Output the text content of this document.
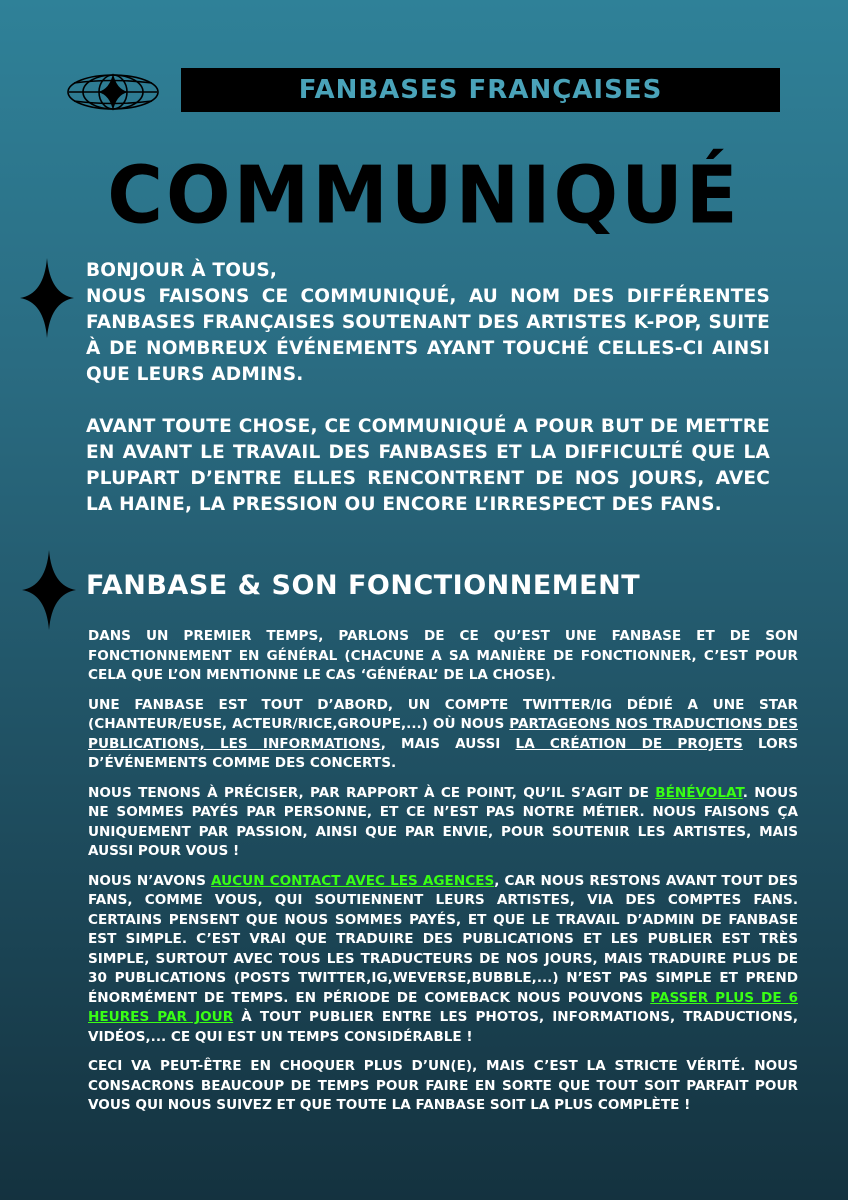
FANBASES FRANÇAISES
COMMUNIQUÉ

BONJOUR À TOUS,
NOUS FAISONS CE COMMUNIQUÉ, AU NOM DES DIFFÉRENTES FANBASES FRANÇAISES SOUTENANT DES ARTISTES K-POP, SUITE À DE NOMBREUX ÉVÉNEMENTS AYANT TOUCHÉ CELLES-CI AINSI QUE LEURS ADMINS.

AVANT TOUTE CHOSE, CE COMMUNIQUÉ A POUR BUT DE METTRE EN AVANT LE TRAVAIL DES FANBASES ET LA DIFFICULTÉ QUE LA PLUPART D’ENTRE ELLES RENCONTRENT DE NOS JOURS, AVEC LA HAINE, LA PRESSION OU ENCORE L’IRRESPECT DES FANS.

FANBASE & SON FONCTIONNEMENT

DANS UN PREMIER TEMPS, PARLONS DE CE QU’EST UNE FANBASE ET DE SON FONCTIONNEMENT EN GÉNÉRAL (CHACUNE A SA MANIÈRE DE FONCTIONNER, C’EST POUR CELA QUE L’ON MENTIONNE LE CAS ‘GÉNÉRAL’ DE LA CHOSE).

UNE FANBASE EST TOUT D’ABORD, UN COMPTE TWITTER/IG DÉDIÉ A UNE STAR (CHANTEUR/EUSE, ACTEUR/RICE,GROUPE,...) OÙ NOUS PARTAGEONS NOS TRADUCTIONS DES PUBLICATIONS, LES INFORMATIONS, MAIS AUSSI LA CRÉATION DE PROJETS LORS D’ÉVÉNEMENTS COMME DES CONCERTS.

NOUS TENONS À PRÉCISER, PAR RAPPORT À CE POINT, QU’IL S’AGIT DE BÉNÉVOLAT. NOUS NE SOMMES PAYÉS PAR PERSONNE, ET CE N’EST PAS NOTRE MÉTIER. NOUS FAISONS ÇA UNIQUEMENT PAR PASSION, AINSI QUE PAR ENVIE, POUR SOUTENIR LES ARTISTES, MAIS AUSSI POUR VOUS !

NOUS N’AVONS AUCUN CONTACT AVEC LES AGENCES, CAR NOUS RESTONS AVANT TOUT DES FANS, COMME VOUS, QUI SOUTIENNENT LEURS ARTISTES, VIA DES COMPTES FANS. CERTAINS PENSENT QUE NOUS SOMMES PAYÉS, ET QUE LE TRAVAIL D’ADMIN DE FANBASE EST SIMPLE. C’EST VRAI QUE TRADUIRE DES PUBLICATIONS ET LES PUBLIER EST TRÈS SIMPLE, SURTOUT AVEC TOUS LES TRADUCTEURS DE NOS JOURS, MAIS TRADUIRE PLUS DE 30 PUBLICATIONS (POSTS TWITTER,IG,WEVERSE,BUBBLE,...) N’EST PAS SIMPLE ET PREND ÉNORMÉMENT DE TEMPS. EN PÉRIODE DE COMEBACK NOUS POUVONS PASSER PLUS DE 6 HEURES PAR JOUR À TOUT PUBLIER ENTRE LES PHOTOS, INFORMATIONS, TRADUCTIONS, VIDÉOS,... CE QUI EST UN TEMPS CONSIDÉRABLE !

CECI VA PEUT-ÊTRE EN CHOQUER PLUS D’UN(E), MAIS C’EST LA STRICTE VÉRITÉ. NOUS CONSACRONS BEAUCOUP DE TEMPS POUR FAIRE EN SORTE QUE TOUT SOIT PARFAIT POUR VOUS QUI NOUS SUIVEZ ET QUE TOUTE LA FANBASE SOIT LA PLUS COMPLÈTE !
